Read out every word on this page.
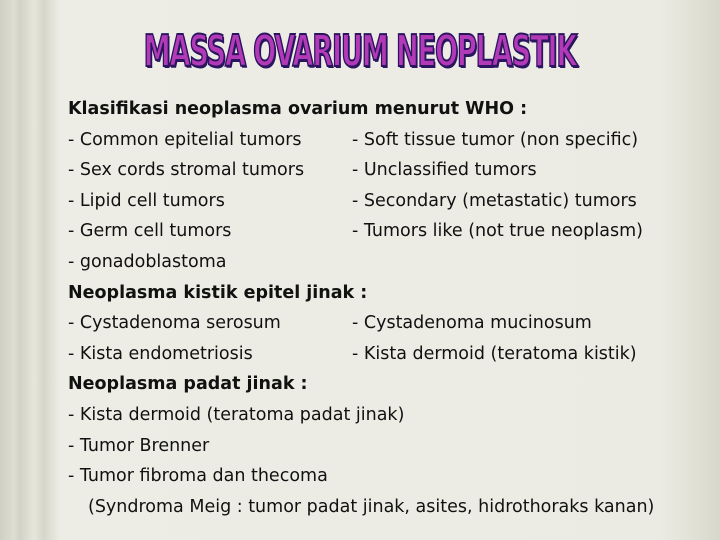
MASSA OVARIUM NEOPLASTIK
Klasifikasi neoplasma ovarium menurut WHO :
- Common epitelial tumors	- Soft tissue tumor (non specific)
- Sex cords stromal tumors	- Unclassified tumors
- Lipid cell tumors	- Secondary (metastatic) tumors
- Germ cell tumors	- Tumors like (not true neoplasm)
- gonadoblastoma
Neoplasma kistik epitel jinak :
- Cystadenoma serosum	- Cystadenoma mucinosum
- Kista endometriosis	- Kista dermoid (teratoma kistik)
Neoplasma padat jinak :
- Kista dermoid (teratoma padat jinak)
- Tumor Brenner
- Tumor fibroma dan thecoma
(Syndroma Meig : tumor padat jinak, asites, hidrothoraks kanan)
